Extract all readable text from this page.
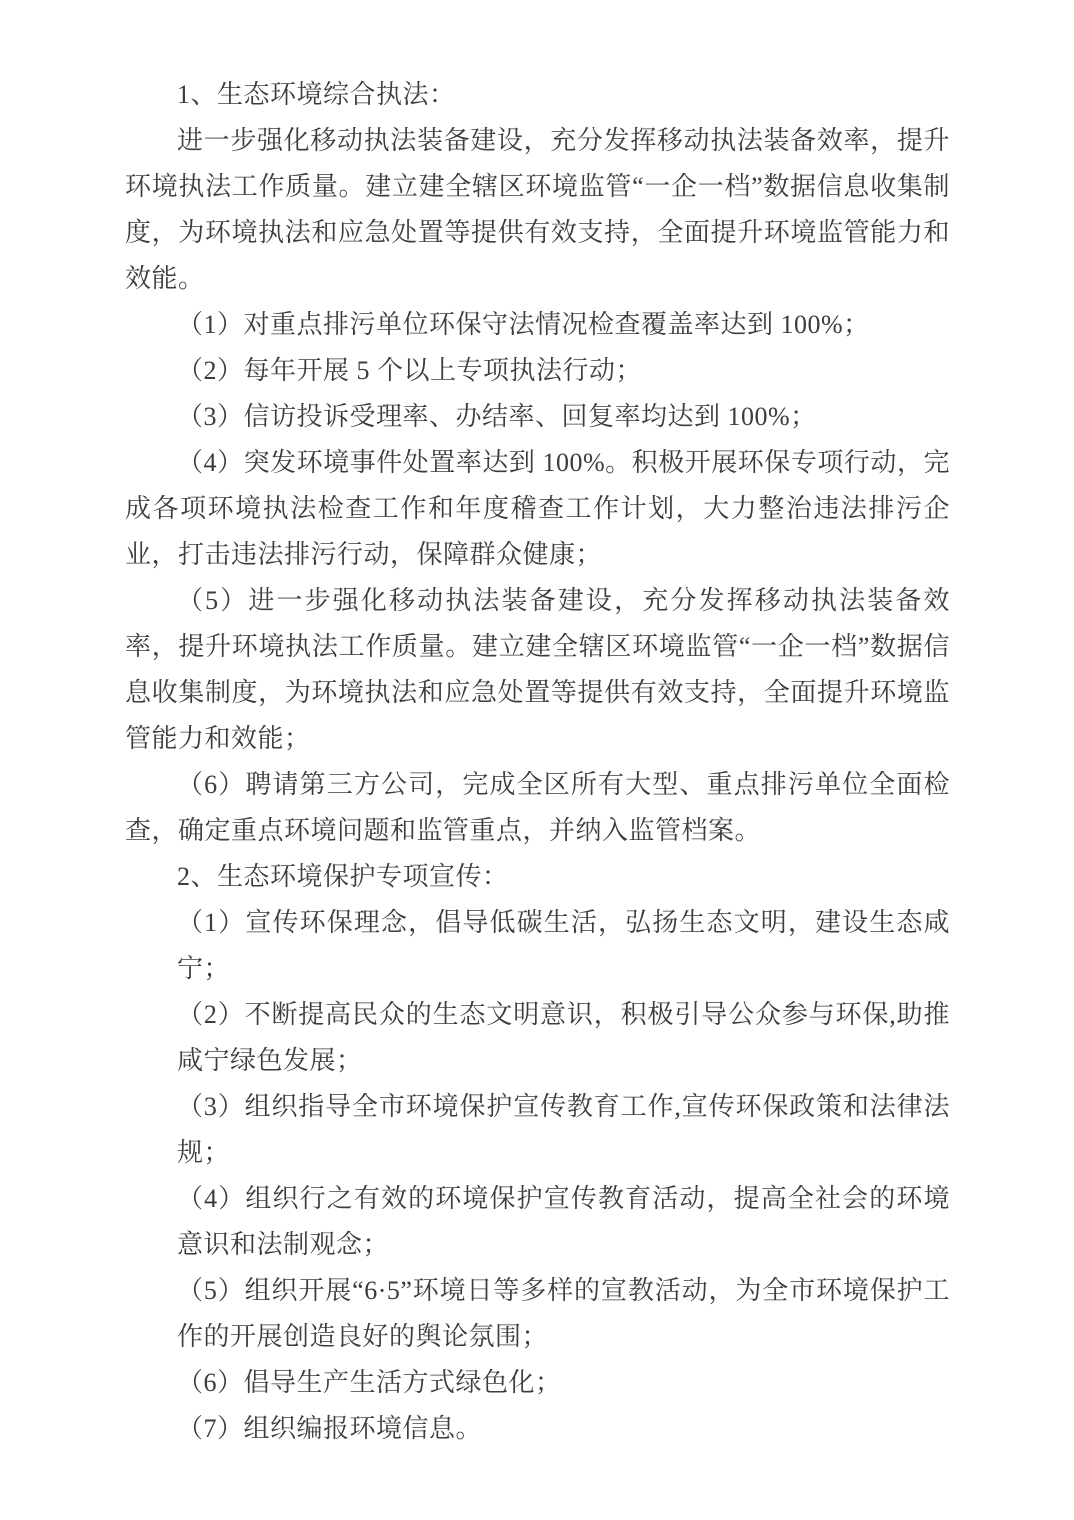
1、生态环境综合执法：

进一步强化移动执法装备建设，充分发挥移动执法装备效率，提升环境执法工作质量。建立建全辖区环境监管“一企一档”数据信息收集制度，为环境执法和应急处置等提供有效支持，全面提升环境监管能力和效能。

（1）对重点排污单位环保守法情况检查覆盖率达到 100%；

（2）每年开展 5 个以上专项执法行动；

（3）信访投诉受理率、办结率、回复率均达到 100%；

（4）突发环境事件处置率达到 100%。积极开展环保专项行动，完成各项环境执法检查工作和年度稽查工作计划，大力整治违法排污企业，打击违法排污行动，保障群众健康；

（5）进一步强化移动执法装备建设，充分发挥移动执法装备效率，提升环境执法工作质量。建立建全辖区环境监管“一企一档”数据信息收集制度，为环境执法和应急处置等提供有效支持，全面提升环境监管能力和效能；

（6）聘请第三方公司，完成全区所有大型、重点排污单位全面检查，确定重点环境问题和监管重点，并纳入监管档案。

2、生态环境保护专项宣传：

（1）宣传环保理念，倡导低碳生活，弘扬生态文明，建设生态咸宁；

（2）不断提高民众的生态文明意识，积极引导公众参与环保,助推咸宁绿色发展；

（3）组织指导全市环境保护宣传教育工作,宣传环保政策和法律法规；

（4）组织行之有效的环境保护宣传教育活动，提高全社会的环境意识和法制观念；

（5）组织开展“6·5”环境日等多样的宣教活动，为全市环境保护工作的开展创造良好的舆论氛围；

（6）倡导生产生活方式绿色化；

（7）组织编报环境信息。
